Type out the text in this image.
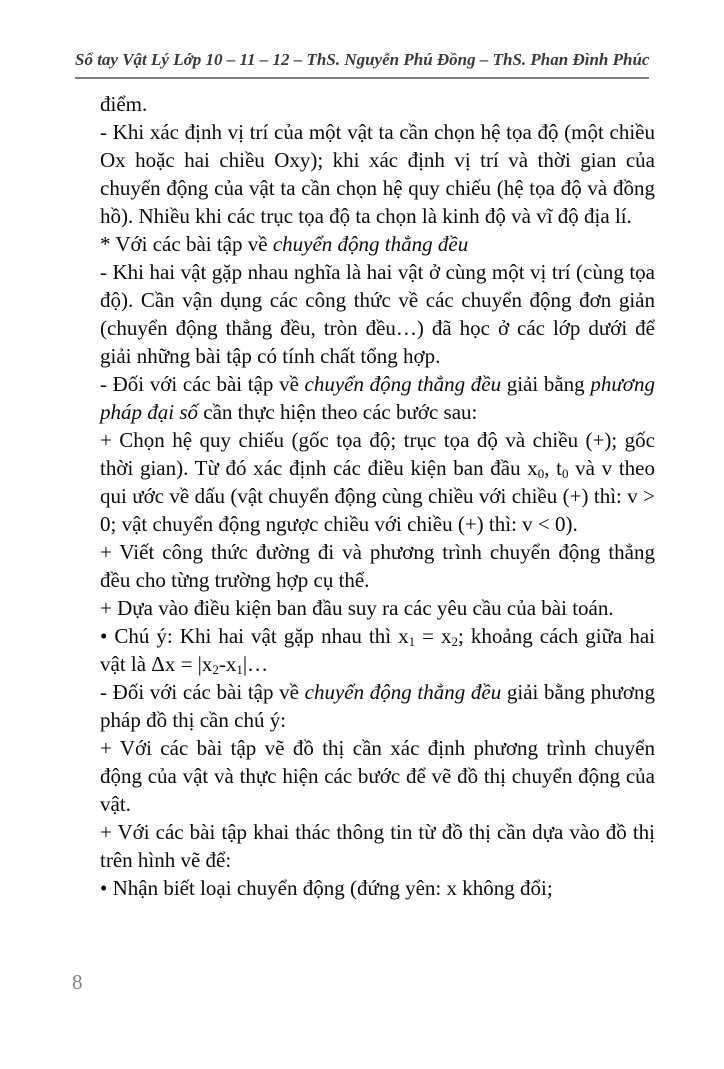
Sổ tay Vật Lý Lớp 10 – 11 – 12 – ThS. Nguyễn Phú Đồng – ThS. Phan Đình Phúc

điểm.

- Khi xác định vị trí của một vật ta cần chọn hệ tọa độ (một chiều Ox hoặc hai chiều Oxy); khi xác định vị trí và thời gian của chuyển động của vật ta cần chọn hệ quy chiếu (hệ tọa độ và đồng hồ). Nhiều khi các trục tọa độ ta chọn là kinh độ và vĩ độ địa lí.

* Với các bài tập về chuyển động thẳng đều

- Khi hai vật gặp nhau nghĩa là hai vật ở cùng một vị trí (cùng tọa độ). Cần vận dụng các công thức về các chuyển động đơn giản (chuyển động thẳng đều, tròn đều…) đã học ở các lớp dưới để giải những bài tập có tính chất tổng hợp.

- Đối với các bài tập về chuyển động thẳng đều giải bằng phương pháp đại số cần thực hiện theo các bước sau:

+ Chọn hệ quy chiếu (gốc tọa độ; trục tọa độ và chiều (+); gốc thời gian). Từ đó xác định các điều kiện ban đầu $x_0$, $t_0$ và v theo qui ước về dấu (vật chuyển động cùng chiều với chiều (+) thì: v > 0; vật chuyển động ngược chiều với chiều (+) thì: v < 0).

+ Viết công thức đường đi và phương trình chuyển động thẳng đều cho từng trường hợp cụ thể.

+ Dựa vào điều kiện ban đầu suy ra các yêu cầu của bài toán.

• Chú ý: Khi hai vật gặp nhau thì $x_1 = x_2$; khoảng cách giữa hai vật là $\Delta x = |x_2-x_1|\dots$

- Đối với các bài tập về chuyển động thẳng đều giải bằng phương pháp đồ thị cần chú ý:

+ Với các bài tập vẽ đồ thị cần xác định phương trình chuyển động của vật và thực hiện các bước để vẽ đồ thị chuyển động của vật.

+ Với các bài tập khai thác thông tin từ đồ thị cần dựa vào đồ thị trên hình vẽ để:

• Nhận biết loại chuyển động (đứng yên: x không đổi;

8
